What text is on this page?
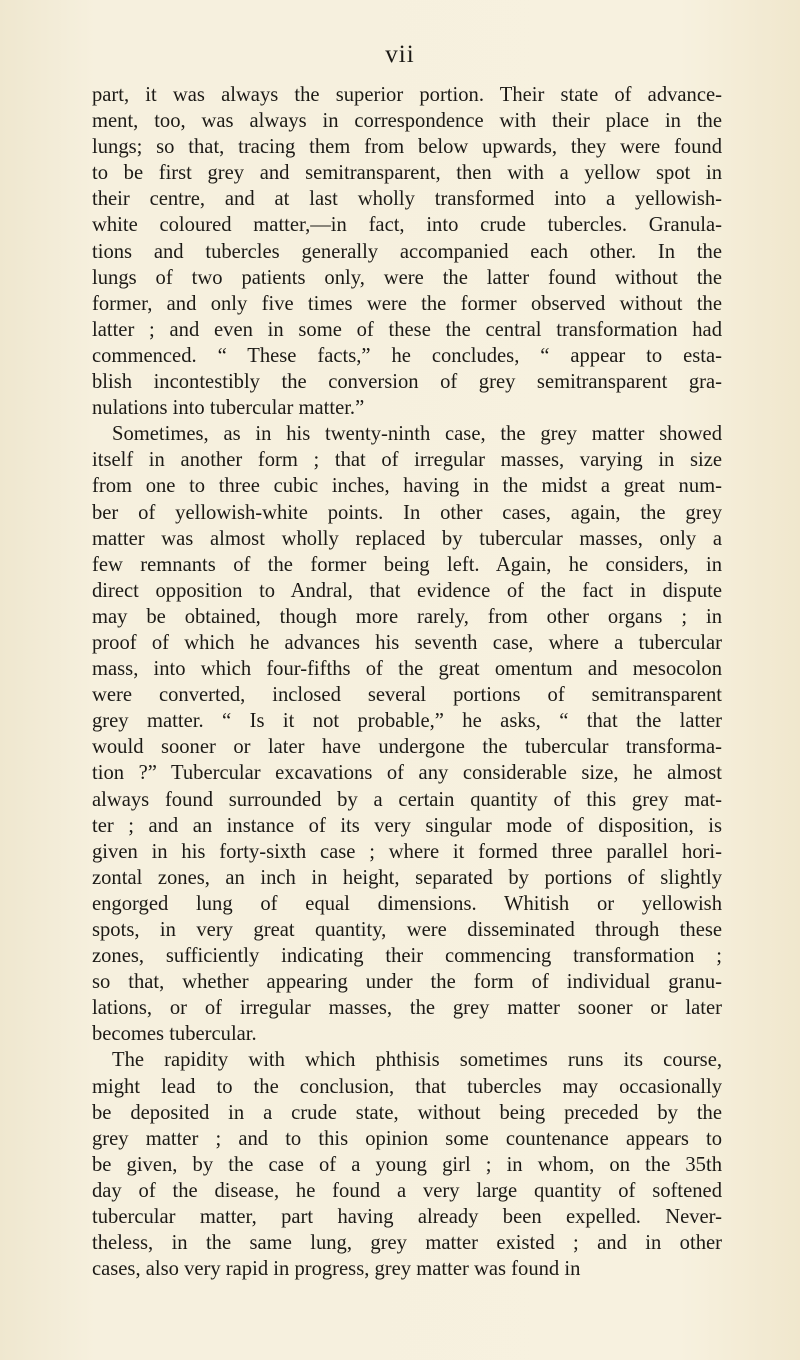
vii
part, it was always the superior portion. Their state of advance-
ment, too, was always in correspondence with their place in the
lungs; so that, tracing them from below upwards, they were found
to be first grey and semitransparent, then with a yellow spot in
their centre, and at last wholly transformed into a yellowish-
white coloured matter,—in fact, into crude tubercles. Granula-
tions and tubercles generally accompanied each other. In the
lungs of two patients only, were the latter found without the
former, and only five times were the former observed without the
latter ; and even in some of these the central transformation had
commenced. “ These facts,” he concludes, “ appear to esta-
blish incontestibly the conversion of grey semitransparent gra-
nulations into tubercular matter.”
Sometimes, as in his twenty-ninth case, the grey matter showed
itself in another form ; that of irregular masses, varying in size
from one to three cubic inches, having in the midst a great num-
ber of yellowish-white points. In other cases, again, the grey
matter was almost wholly replaced by tubercular masses, only a
few remnants of the former being left. Again, he considers, in
direct opposition to Andral, that evidence of the fact in dispute
may be obtained, though more rarely, from other organs ; in
proof of which he advances his seventh case, where a tubercular
mass, into which four-fifths of the great omentum and mesocolon
were converted, inclosed several portions of semitransparent
grey matter. “ Is it not probable,” he asks, “ that the latter
would sooner or later have undergone the tubercular transforma-
tion ?” Tubercular excavations of any considerable size, he almost
always found surrounded by a certain quantity of this grey mat-
ter ; and an instance of its very singular mode of disposition, is
given in his forty-sixth case ; where it formed three parallel hori-
zontal zones, an inch in height, separated by portions of slightly
engorged lung of equal dimensions. Whitish or yellowish
spots, in very great quantity, were disseminated through these
zones, sufficiently indicating their commencing transformation ;
so that, whether appearing under the form of individual granu-
lations, or of irregular masses, the grey matter sooner or later
becomes tubercular.
The rapidity with which phthisis sometimes runs its course,
might lead to the conclusion, that tubercles may occasionally
be deposited in a crude state, without being preceded by the
grey matter ; and to this opinion some countenance appears to
be given, by the case of a young girl ; in whom, on the 35th
day of the disease, he found a very large quantity of softened
tubercular matter, part having already been expelled. Never-
theless, in the same lung, grey matter existed ; and in other
cases, also very rapid in progress, grey matter was found in
